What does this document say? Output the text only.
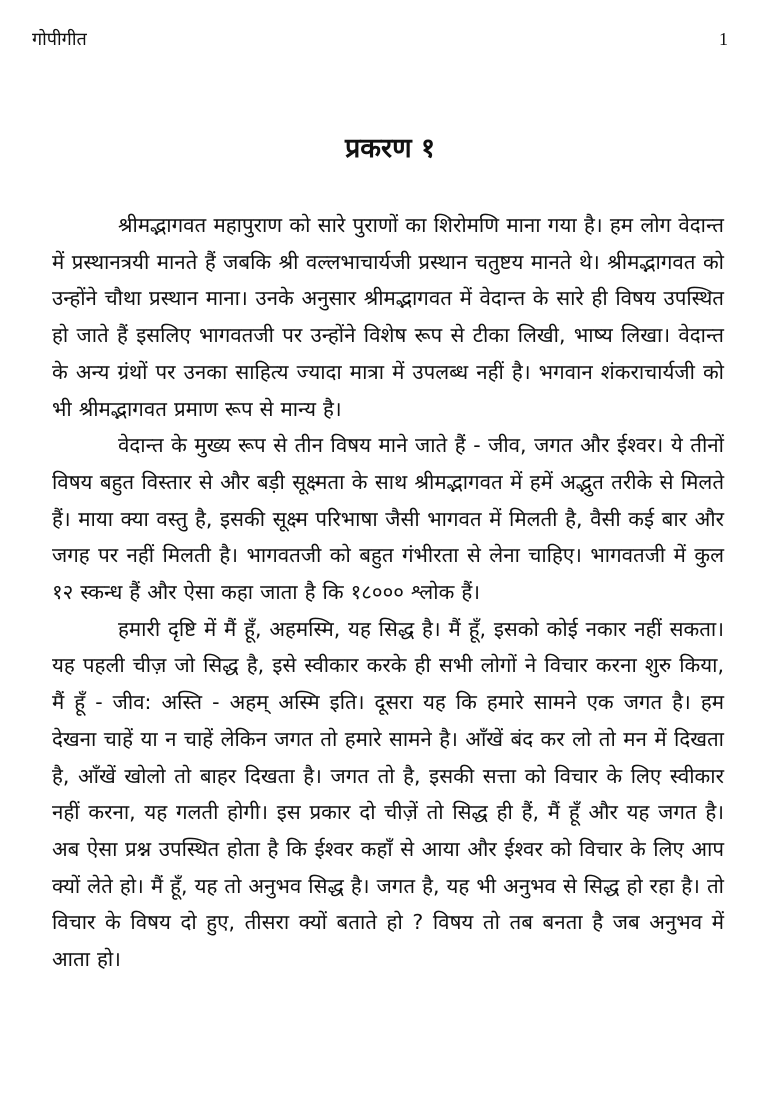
गोपीगीत	1
प्रकरण १

श्रीमद्भागवत महापुराण को सारे पुराणों का शिरोमणि माना गया है। हम लोग वेदान्त में प्रस्थानत्रयी मानते हैं जबकि श्री वल्लभाचार्यजी प्रस्थान चतुष्टय मानते थे। श्रीमद्भागवत को उन्होंने चौथा प्रस्थान माना। उनके अनुसार श्रीमद्भागवत में वेदान्त के सारे ही विषय उपस्थित हो जाते हैं इसलिए भागवतजी पर उन्होंने विशेष रूप से टीका लिखी, भाष्य लिखा। वेदान्त के अन्य ग्रंथों पर उनका साहित्य ज्यादा मात्रा में उपलब्ध नहीं है। भगवान शंकराचार्यजी को भी श्रीमद्भागवत प्रमाण रूप से मान्य है।

वेदान्त के मुख्य रूप से तीन विषय माने जाते हैं - जीव, जगत और ईश्वर। ये तीनों विषय बहुत विस्तार से और बड़ी सूक्ष्मता के साथ श्रीमद्भागवत में हमें अद्भुत तरीके से मिलते हैं। माया क्या वस्तु है, इसकी सूक्ष्म परिभाषा जैसी भागवत में मिलती है, वैसी कई बार और जगह पर नहीं मिलती है। भागवतजी को बहुत गंभीरता से लेना चाहिए। भागवतजी में कुल १२ स्कन्ध हैं और ऐसा कहा जाता है कि १८००० श्लोक हैं।

हमारी दृष्टि में मैं हूँ, अहमस्मि, यह सिद्ध है। मैं हूँ, इसको कोई नकार नहीं सकता। यह पहली चीज़ जो सिद्ध है, इसे स्वीकार करके ही सभी लोगों ने विचार करना शुरु किया, मैं हूँ - जीव: अस्ति - अहम् अस्मि इति। दूसरा यह कि हमारे सामने एक जगत है। हम देखना चाहें या न चाहें लेकिन जगत तो हमारे सामने है। आँखें बंद कर लो तो मन में दिखता है, आँखें खोलो तो बाहर दिखता है। जगत तो है, इसकी सत्ता को विचार के लिए स्वीकार नहीं करना, यह गलती होगी। इस प्रकार दो चीज़ें तो सिद्ध ही हैं, मैं हूँ और यह जगत है। अब ऐसा प्रश्न उपस्थित होता है कि ईश्वर कहाँ से आया और ईश्वर को विचार के लिए आप क्यों लेते हो। मैं हूँ, यह तो अनुभव सिद्ध है। जगत है, यह भी अनुभव से सिद्ध हो रहा है। तो विचार के विषय दो हुए, तीसरा क्यों बताते हो ? विषय तो तब बनता है जब अनुभव में आता हो।
